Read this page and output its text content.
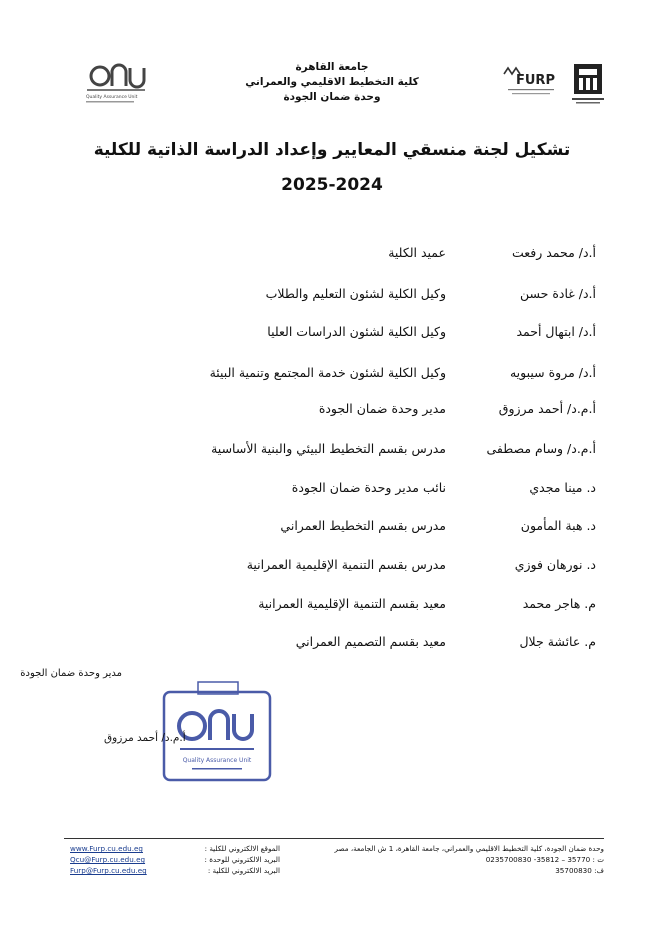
Quality Assurance Unit
FURP
جامعة القاهرة
كلية التخطيط الاقليمي والعمراني
وحدة ضمان الجودة
تشكيل لجنة منسقي المعايير وإعداد الدراسة الذاتية للكلية
2025-2024
أ.د/ محمد رفعت
عميد الكلية
أ.د/ غادة حسن
وكيل الكلية لشئون التعليم والطلاب
أ.د/ ابتهال أحمد
وكيل الكلية لشئون الدراسات العليا
أ.د/ مروة سيبويه
وكيل الكلية لشئون خدمة المجتمع وتنمية البيئة
أ.م.د/ أحمد مرزوق
مدير وحدة ضمان الجودة
أ.م.د/ وسام مصطفى
مدرس بقسم التخطيط البيئي والبنية الأساسية
د. مينا مجدي
نائب مدير وحدة ضمان الجودة
د. هبة المأمون
مدرس بقسم التخطيط العمراني
د. نورهان فوزي
مدرس بقسم التنمية الإقليمية العمرانية
م. هاجر محمد
معيد بقسم التنمية الإقليمية العمرانية
م. عائشة جلال
معيد بقسم التصميم العمراني
مدير وحدة ضمان الجودة
Quality Assurance Unit
أ.م.د/ أحمد مرزوق
الموقع الالكتروني للكلية :
www.Furp.cu.edu.eg
البريد الالكتروني للوحدة :
Qcu@Furp.cu.edu.eg
البريد الالكتروني للكلية :
Furp@Furp.cu.edu.eg
وحدة ضمان الجودة، كلية التخطيط الاقليمي والعمراني، جامعة القاهرة، 1 ش الجامعة، مصر
ت : 0235700830 -35812 – 35770
ف: 35700830
